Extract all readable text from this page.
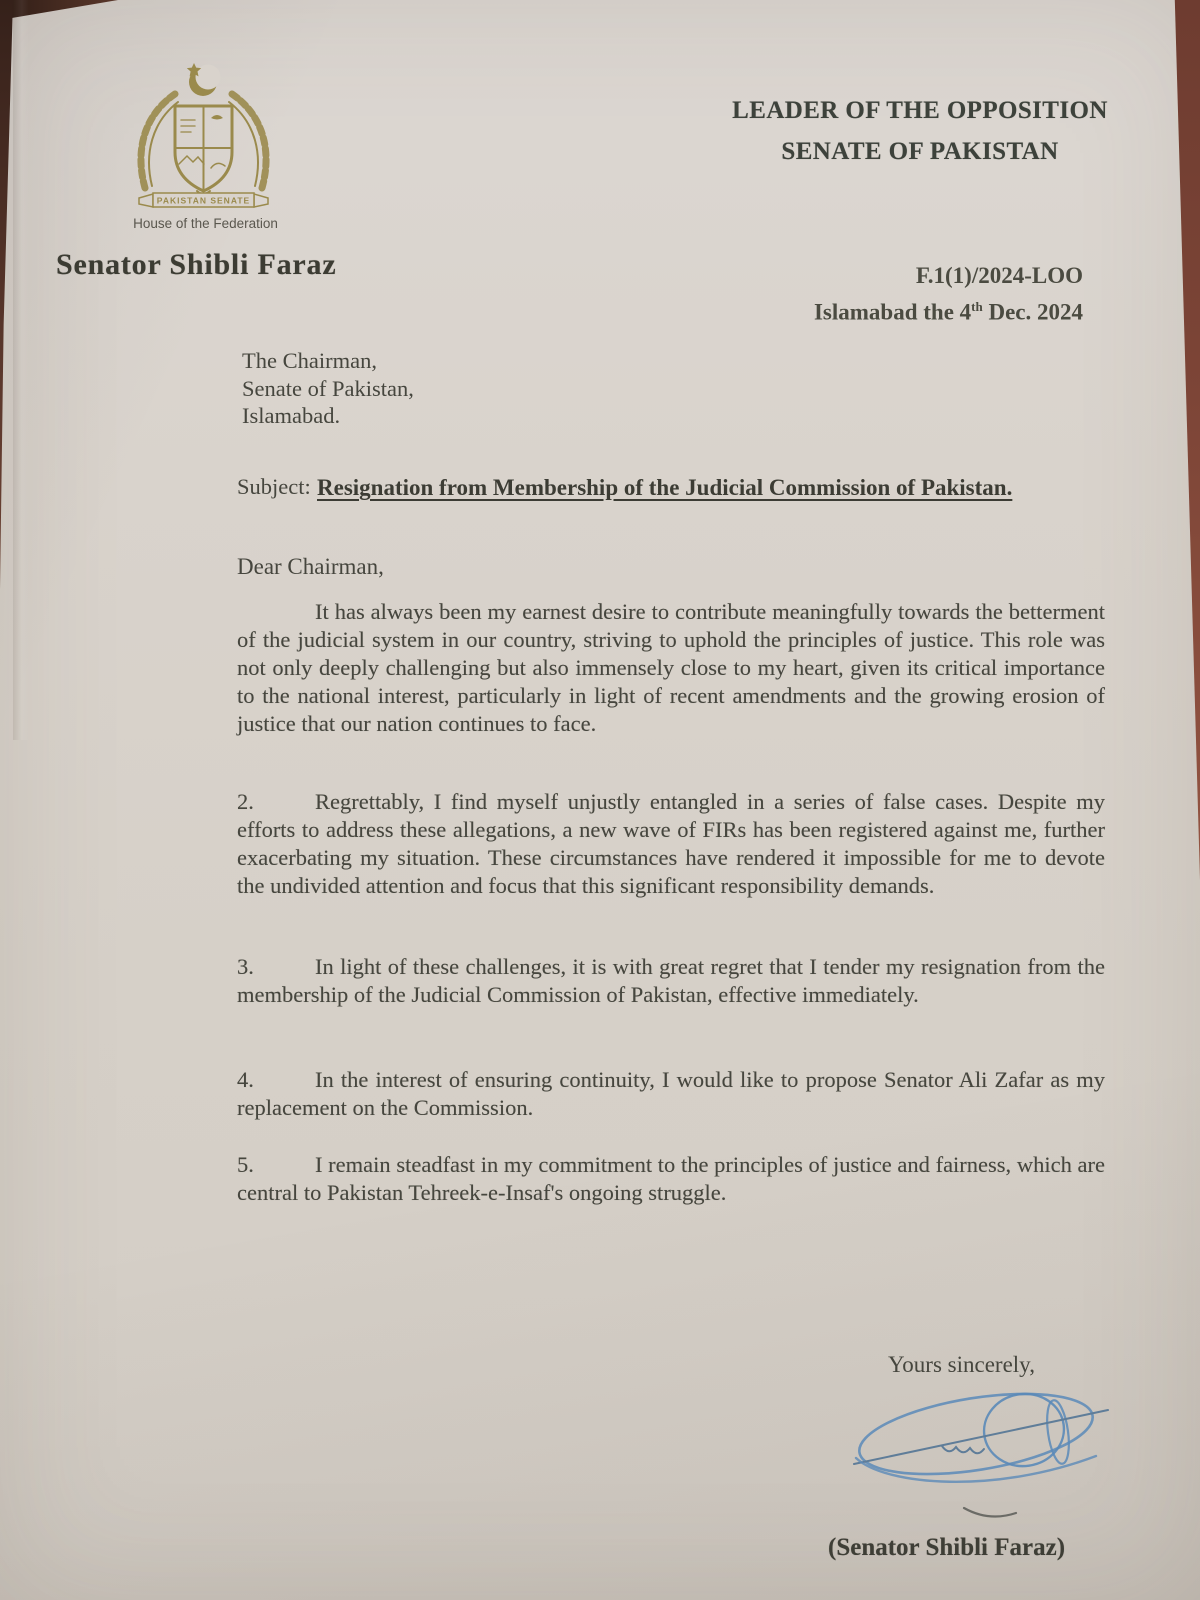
PAKISTAN SENATE
House of the Federation
LEADER OF THE OPPOSITION
SENATE OF PAKISTAN
Senator Shibli Faraz	F.1(1)/2024-LOO
Islamabad the 4th Dec. 2024
The Chairman,
Senate of Pakistan,
Islamabad.
Subject: Resignation from Membership of the Judicial Commission of Pakistan.
Dear Chairman,
It has always been my earnest desire to contribute meaningfully towards the betterment of the judicial system in our country, striving to uphold the principles of justice. This role was not only deeply challenging but also immensely close to my heart, given its critical importance to the national interest, particularly in light of recent amendments and the growing erosion of justice that our nation continues to face.
2.	Regrettably, I find myself unjustly entangled in a series of false cases. Despite my efforts to address these allegations, a new wave of FIRs has been registered against me, further exacerbating my situation. These circumstances have rendered it impossible for me to devote the undivided attention and focus that this significant responsibility demands.
3.	In light of these challenges, it is with great regret that I tender my resignation from the membership of the Judicial Commission of Pakistan, effective immediately.
4.	In the interest of ensuring continuity, I would like to propose Senator Ali Zafar as my replacement on the Commission.
5.	I remain steadfast in my commitment to the principles of justice and fairness, which are central to Pakistan Tehreek-e-Insaf's ongoing struggle.
Yours sincerely,
(Senator Shibli Faraz)
